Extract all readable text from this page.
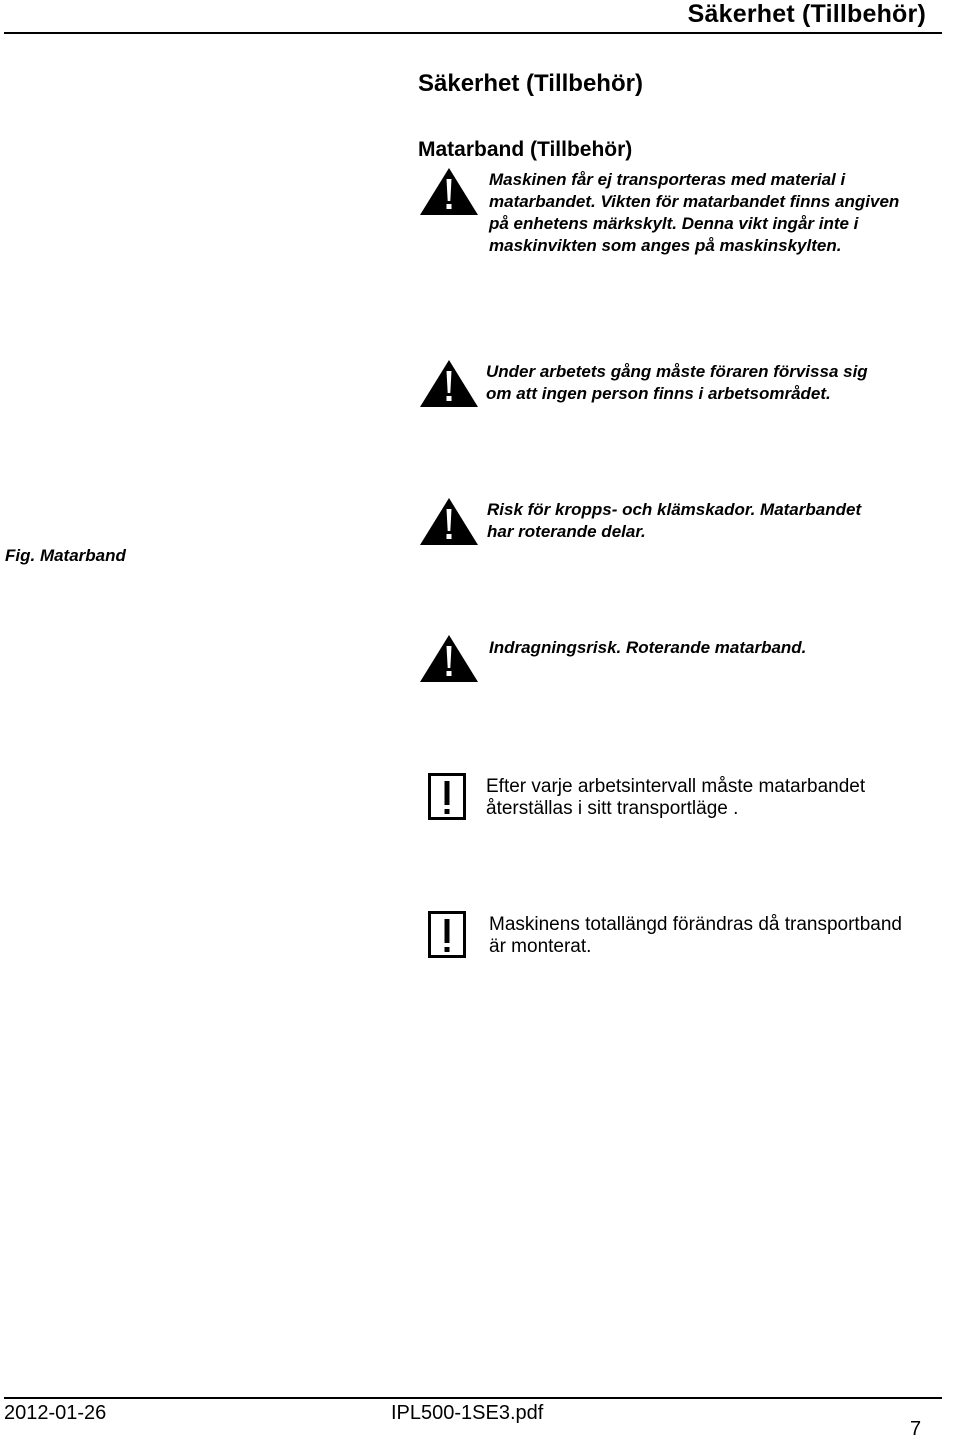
Säkerhet (Tillbehör)
Säkerhet (Tillbehör)
Matarband (Tillbehör)
Maskinen får ej transporteras med material i
matarbandet. Vikten för matarbandet finns angiven
på enhetens märkskylt. Denna vikt ingår inte i
maskinvikten som anges på maskinskylten.
Under arbetets gång måste föraren förvissa sig
om att ingen person finns i arbetsområdet.
Fig. Matarband
Risk för kropps- och klämskador. Matarbandet
har roterande delar.
Indragningsrisk. Roterande matarband.
Efter varje arbetsintervall måste matarbandet
återställas i sitt transportläge .
Maskinens totallängd förändras då transportband
är monterat.
2012-01-26	IPL500-1SE3.pdf
7
